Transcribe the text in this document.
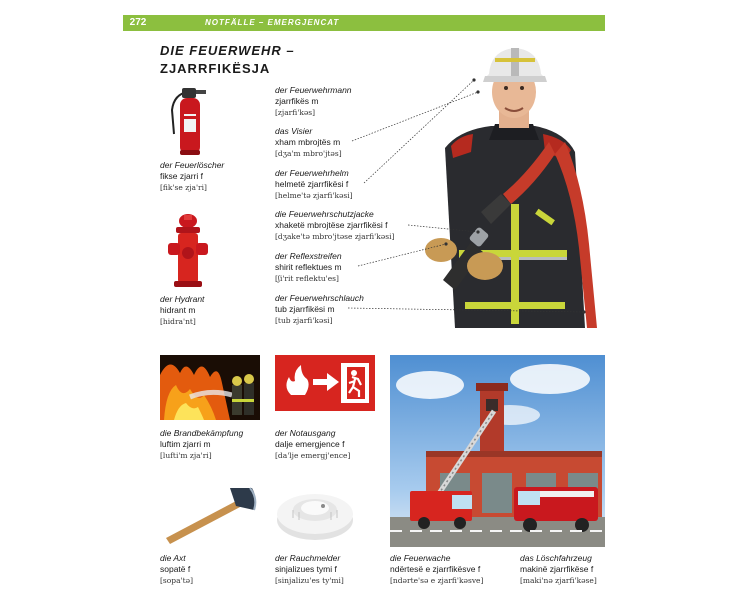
272	NOTFÄLLE – EMERGJENCAT
DIE FEUERWEHR –
ZJARRFIKËSJA
der Feuerlöscher
fikse zjarri f
[fik'se zja'ri]
der Hydrant
hidrant m
[hidra'nt]
der Feuerwehrmann
zjarrfikës m
[zjarfi'kəs]
das Visier
xham mbrojtës m
[dʒa'm mbro'jtəs]
der Feuerwehrhelm
helmetë zjarrfikësi f
[helme'tə zjarfi'kəsi]
die Feuerwehrschutzjacke
xhaketë mbrojtëse zjarrfikësi f
[dʒake'tə mbro'jtəse zjarfi'kəsi]
der Reflexstreifen
shirit reflektues m
[ʃi'rit reflektu'es]
der Feuerwehrschlauch
tub zjarrfikësi m
[tub zjarfi'kəsi]
die Brandbekämpfung
luftim zjarri m
[lufti'm zja'ri]
der Notausgang
dalje emergjence f
[da'lje emergj'ence]
die Axt
sopatë f
[sopa'tə]
der Rauchmelder
sinjalizues tymi f
[sinjalizu'es ty'mi]
die Feuerwache
ndërtesë e zjarrfikësve f
[ndərte'sə e zjarfi'kəsve]
das Löschfahrzeug
makinë zjarrfikëse f
[maki'nə zjarfi'kəse]
